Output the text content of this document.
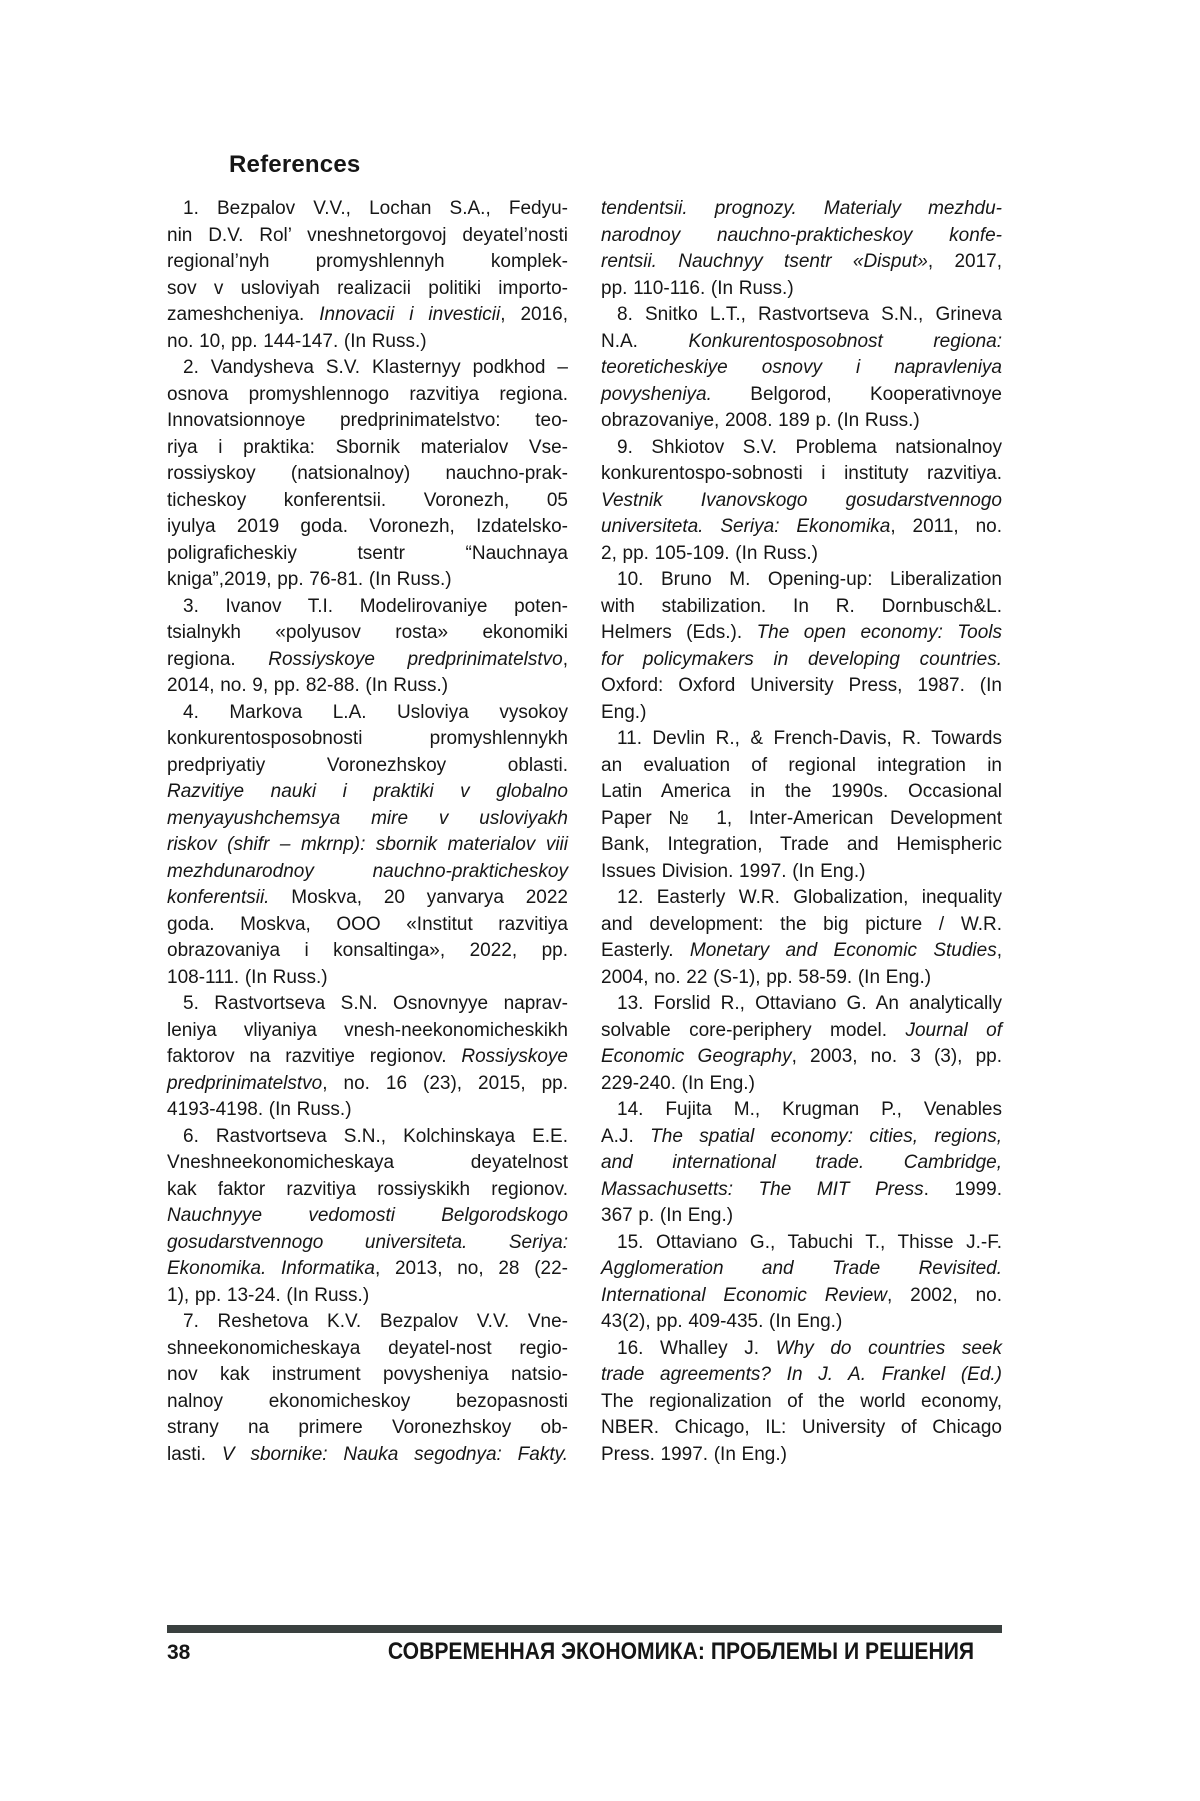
References
1. Bezpalov V.V., Lochan S.A., Fedyu-
nin D.V. Rol’ vneshnetorgovoj deyatel’nosti
regional’nyh promyshlennyh komplek-
sov v usloviyah realizacii politiki importo-
zameshcheniya. Innovacii i investicii, 2016,
no. 10, pp. 144-147. (In Russ.)
2. Vandysheva S.V. Klasternyy podkhod –
osnova promyshlennogo razvitiya regiona.
Innovatsionnoye predprinimatelstvo: teo-
riya i praktika: Sbornik materialov Vse-
rossiyskoy (natsionalnoy) nauchno-prak-
ticheskoy konferentsii. Voronezh, 05
iyulya 2019 goda. Voronezh, Izdatelsko-
poligraficheskiy tsentr “Nauchnaya
kniga”,2019, pp. 76-81. (In Russ.)
3. Ivanov T.I. Modelirovaniye poten-
tsialnykh «polyusov rosta» ekonomiki
regiona. Rossiyskoye predprinimatelstvo,
2014, no. 9, pp. 82-88. (In Russ.)
4. Markova L.A. Usloviya vysokoy
konkurentosposobnosti promyshlennykh
predpriyatiy Voronezhskoy oblasti.
Razvitiye nauki i praktiki v globalno
menyayushchemsya mire v usloviyakh
riskov (shifr – mkrnp): sbornik materialov viii
mezhdunarodnoy nauchno-prakticheskoy
konferentsii. Moskva, 20 yanvarya 2022
goda. Moskva, OOO «Institut razvitiya
obrazovaniya i konsaltinga», 2022, pp.
108-111. (In Russ.)
5. Rastvortseva S.N. Osnovnyye naprav-
leniya vliyaniya vnesh-neekonomicheskikh
faktorov na razvitiye regionov. Rossiyskoye
predprinimatelstvo, no. 16 (23), 2015, pp.
4193-4198. (In Russ.)
6. Rastvortseva S.N., Kolchinskaya E.E.
Vneshneekonomicheskaya deyatelnost
kak faktor razvitiya rossiyskikh regionov.
Nauchnyye vedomosti Belgorodskogo
gosudarstvennogo universiteta. Seriya:
Ekonomika. Informatika, 2013, no, 28 (22-
1), pp. 13-24. (In Russ.)
7. Reshetova K.V. Bezpalov V.V. Vne-
shneekonomicheskaya deyatel-nost regio-
nov kak instrument povysheniya natsio-
nalnoy ekonomicheskoy bezopasnosti
strany na primere Voronezhskoy ob-
lasti. V sbornike: Nauka segodnya: Fakty.
tendentsii. prognozy. Materialy mezhdu-
narodnoy nauchno-prakticheskoy konfe-
rentsii. Nauchnyy tsentr «Disput», 2017,
pp. 110-116. (In Russ.)
8. Snitko L.T., Rastvortseva S.N., Grineva
N.A. Konkurentosposobnost regiona:
teoreticheskiye osnovy i napravleniya
povysheniya. Belgorod, Kooperativnoye
obrazovaniye, 2008. 189 p. (In Russ.)
9. Shkiotov S.V. Problema natsionalnoy
konkurentospo-sobnosti i instituty razvitiya.
Vestnik Ivanovskogo gosudarstvennogo
universiteta. Seriya: Ekonomika, 2011, no.
2, pp. 105-109. (In Russ.)
10. Bruno M. Opening-up: Liberalization
with stabilization. In R. Dornbusch&L.
Helmers (Eds.). The open economy: Tools
for policymakers in developing countries.
Oxford: Oxford University Press, 1987. (In
Eng.)
11. Devlin R., & French-Davis, R. Towards
an evaluation of regional integration in
Latin America in the 1990s. Occasional
Paper № 1, Inter-American Development
Bank, Integration, Trade and Hemispheric
Issues Division. 1997. (In Eng.)
12. Easterly W.R. Globalization, inequality
and development: the big picture / W.R.
Easterly. Monetary and Economic Studies,
2004, no. 22 (S-1), pp. 58-59. (In Eng.)
13. Forslid R., Ottaviano G. An analytically
solvable core-periphery model. Journal of
Economic Geography, 2003, no. 3 (3), pp.
229-240. (In Eng.)
14. Fujita M., Krugman P., Venables
A.J. The spatial economy: cities, regions,
and international trade. Cambridge,
Massachusetts: The MIT Press. 1999.
367 p. (In Eng.)
15. Ottaviano G., Tabuchi T., Thisse J.-F.
Agglomeration and Trade Revisited.
International Economic Review, 2002, no.
43(2), pp. 409-435. (In Eng.)
16. Whalley J. Why do countries seek
trade agreements? In J. A. Frankel (Ed.)
The regionalization of the world economy,
NBER. Chicago, IL: University of Chicago
Press. 1997. (In Eng.)
38	СОВРЕМЕННАЯ ЭКОНОМИКА: ПРОБЛЕМЫ И РЕШЕНИЯ
